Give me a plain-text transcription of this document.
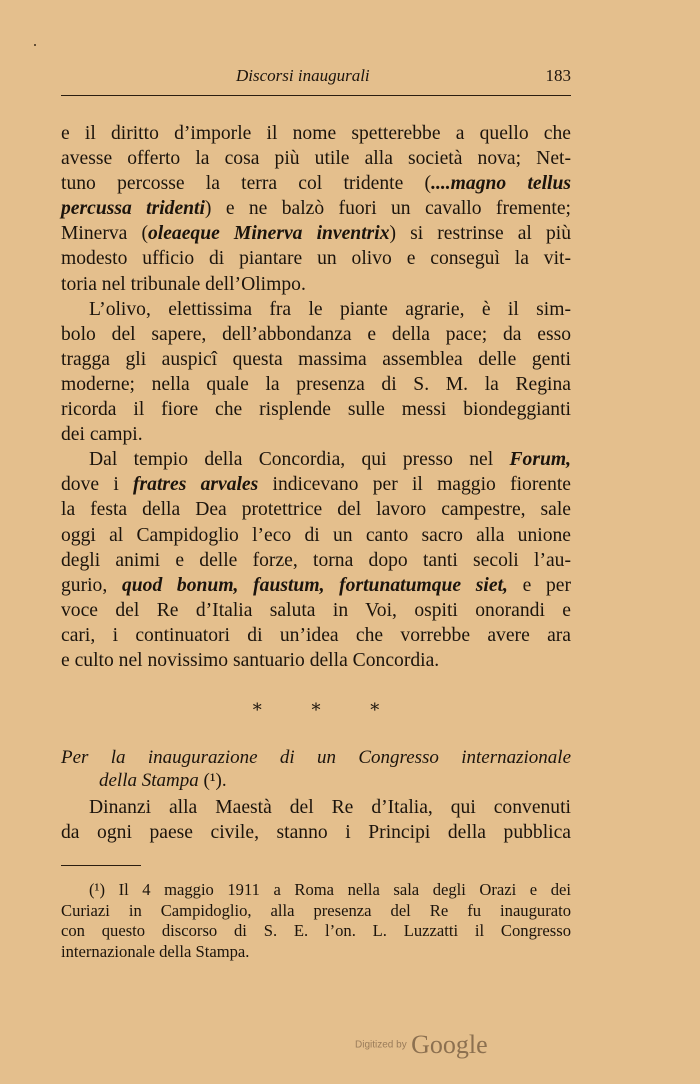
Discorsi inaugurali	183
e il diritto d’imporle il nome spetterebbe a quello che
avesse offerto la cosa più utile alla società nova; Net-
tuno percosse la terra col tridente (....magno tellus
percussa tridenti) e ne balzò fuori un cavallo fremente;
Minerva (oleaeque Minerva inventrix) si restrinse al più
modesto ufficio di piantare un olivo e conseguì la vit-
toria nel tribunale dell’Olimpo.
L’olivo, elettissima fra le piante agrarie, è il sim-
bolo del sapere, dell’abbondanza e della pace; da esso
tragga gli auspicî questa massima assemblea delle genti
moderne; nella quale la presenza di S. M. la Regina
ricorda il fiore che risplende sulle messi biondeggianti
dei campi.
Dal tempio della Concordia, qui presso nel Forum,
dove i fratres arvales indicevano per il maggio fiorente
la festa della Dea protettrice del lavoro campestre, sale
oggi al Campidoglio l’eco di un canto sacro alla unione
degli animi e delle forze, torna dopo tanti secoli l’au-
gurio, quod bonum, faustum, fortunatumque siet, e per
voce del Re d’Italia saluta in Voi, ospiti onorandi e
cari, i continuatori di un’idea che vorrebbe avere ara
e culto nel novissimo santuario della Concordia.
* * *
Per la inaugurazione di un Congresso internazionale
della Stampa (¹).
Dinanzi alla Maestà del Re d’Italia, qui convenuti
da ogni paese civile, stanno i Principi della pubblica
(¹) Il 4 maggio 1911 a Roma nella sala degli Orazi e dei
Curiazi in Campidoglio, alla presenza del Re fu inaugurato
con questo discorso di S. E. l’on. L. Luzzatti il Congresso
internazionale della Stampa.
Digitized by Google
